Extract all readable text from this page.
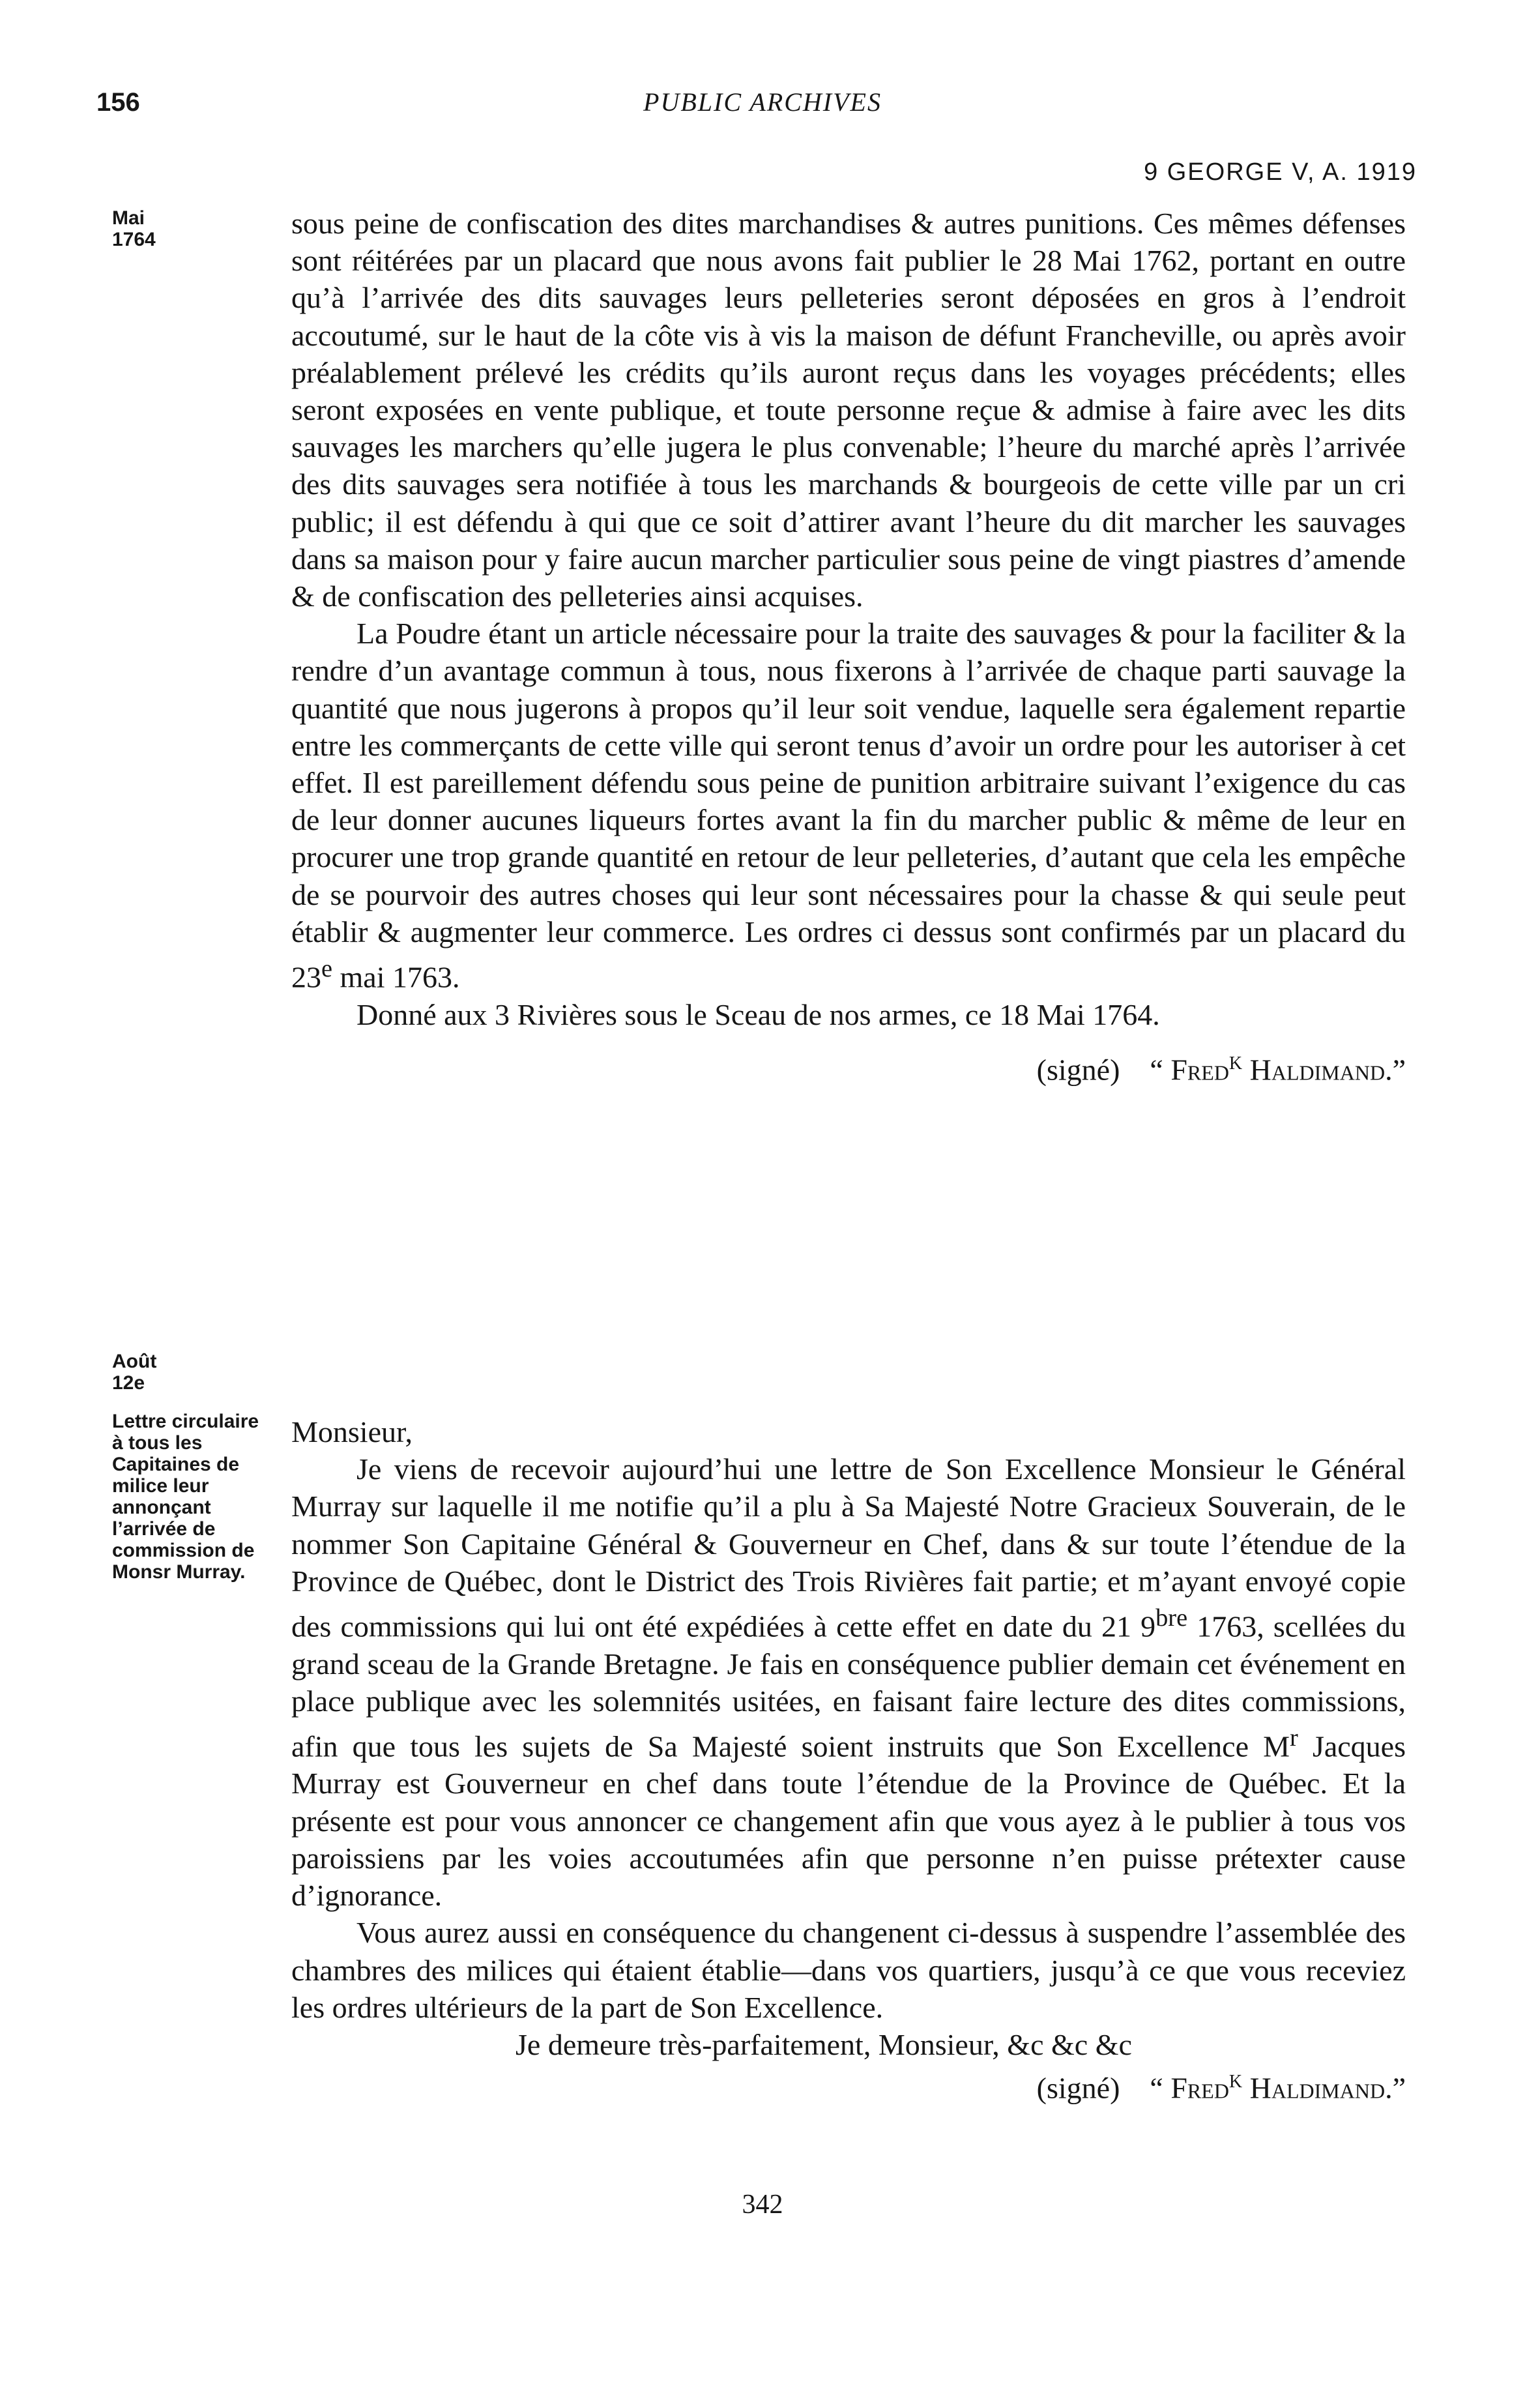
156	PUBLIC ARCHIVES
9 GEORGE V, A. 1919
Mai
1764	sous peine de confiscation des dites marchandises & autres punitions. Ces mêmes défenses sont réitérées par un placard que nous avons fait publier le 28 Mai 1762, portant en outre qu’à l’arrivée des dits sauvages leurs pelleteries seront déposées en gros à l’endroit accoutumé, sur le haut de la côte vis à vis la maison de défunt Francheville, ou après avoir préalablement prélevé les crédits qu’ils auront reçus dans les voyages précédents; elles seront exposées en vente publique, et toute personne reçue & admise à faire avec les dits sauvages les marchers qu’elle jugera le plus convenable; l’heure du marché après l’arrivée des dits sauvages sera notifiée à tous les marchands & bourgeois de cette ville par un cri public; il est défendu à qui que ce soit d’attirer avant l’heure du dit marcher les sauvages dans sa maison pour y faire aucun marcher particulier sous peine de vingt piastres d’amende & de confiscation des pelleteries ainsi acquises.

La Poudre étant un article nécessaire pour la traite des sauvages & pour la faciliter & la rendre d’un avantage commun à tous, nous fixerons à l’arrivée de chaque parti sauvage la quantité que nous jugerons à propos qu’il leur soit vendue, laquelle sera également repartie entre les commerçants de cette ville qui seront tenus d’avoir un ordre pour les autoriser à cet effet. Il est pareillement défendu sous peine de punition arbitraire suivant l’exigence du cas de leur donner aucunes liqueurs fortes avant la fin du marcher public & même de leur en procurer une trop grande quantité en retour de leur pelleteries, d’autant que cela les empêche de se pourvoir des autres choses qui leur sont nécessaires pour la chasse & qui seule peut établir & augmenter leur commerce. Les ordres ci dessus sont confirmés par un placard du 23e mai 1763.

Donné aux 3 Rivières sous le Sceau de nos armes, ce 18 Mai 1764.

(signé) “ Fred$^K$ Haldimand.”

Août
12e
Lettre circulaire à tous les Capitaines de milice leur annonçant l’arrivée de commission de Monsr Murray.

Monsieur,

Je viens de recevoir aujourd’hui une lettre de Son Excellence Monsieur le Général Murray sur laquelle il me notifie qu’il a plu à Sa Majesté Notre Gracieux Souverain, de le nommer Son Capitaine Général & Gouverneur en Chef, dans & sur toute l’étendue de la Province de Québec, dont le District des Trois Rivières fait partie; et m’ayant envoyé copie des commissions qui lui ont été expédiées à cette effet en date du 21 $9^{bre}$ 1763, scellées du grand sceau de la Grande Bretagne. Je fais en conséquence publier demain cet événement en place publique avec les solemnités usitées, en faisant faire lecture des dites commissions, afin que tous les sujets de Sa Majesté soient instruits que Son Excellence $M^r$ Jacques Murray est Gouverneur en chef dans toute l’étendue de la Province de Québec. Et la présente est pour vous annoncer ce changement afin que vous ayez à le publier à tous vos paroissiens par les voies accoutumées afin que personne n’en puisse prétexter cause d’ignorance.

Vous aurez aussi en conséquence du changenent ci-dessus à suspendre l’assemblée des chambres des milices qui étaient établie—dans vos quartiers, jusqu’à ce que vous receviez les ordres ultérieurs de la part de Son Excellence.

Je demeure très-parfaitement, Monsieur, &c &c &c

(signé) “ Fred$^K$ Haldimand.”

342
